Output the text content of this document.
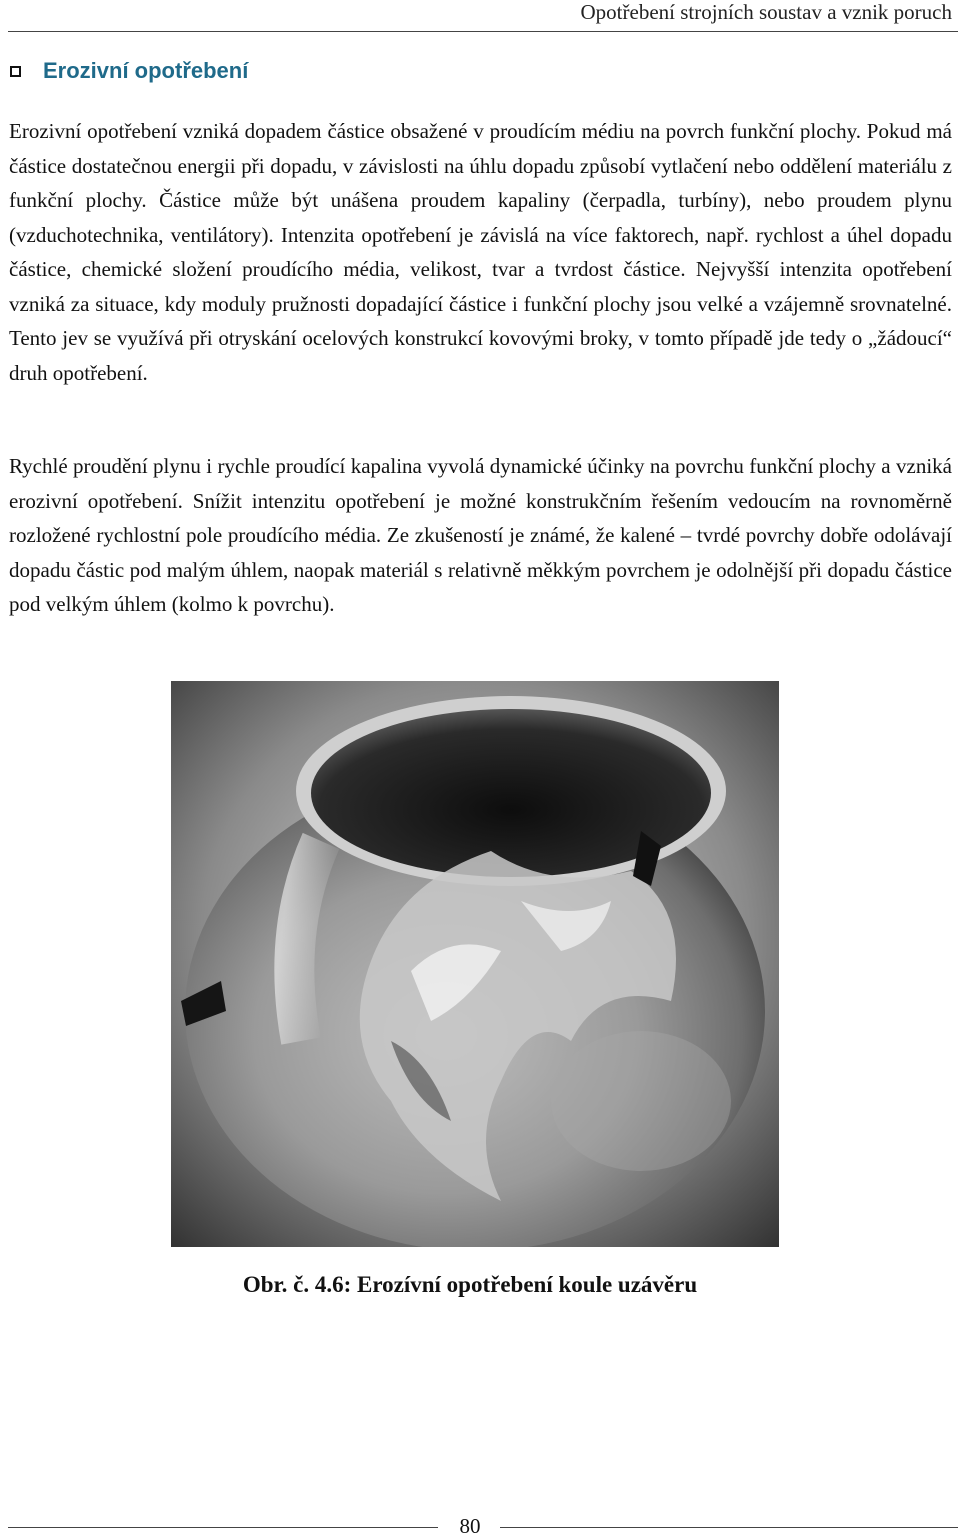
Opotřebení strojních soustav a vznik poruch
Erozivní opotřebení

Erozivní opotřebení vzniká dopadem částice obsažené v proudícím médiu na povrch funkční plochy. Pokud má částice dostatečnou energii při dopadu, v závislosti na úhlu dopadu způsobí vytlačení nebo oddělení materiálu z funkční plochy. Částice může být unášena proudem kapaliny (čerpadla, turbíny), nebo proudem plynu (vzduchotechnika, ventilátory). Intenzita opotřebení je závislá na více faktorech, např. rychlost a úhel dopadu částice, chemické složení proudícího média, velikost, tvar a tvrdost částice. Nejvyšší intenzita opotřebení vzniká za situace, kdy moduly pružnosti dopadající částice i funkční plochy jsou velké a vzájemně srovnatelné. Tento jev se využívá při otryskání ocelových konstrukcí kovovými broky, v tomto případě jde tedy o „žádoucí“ druh opotřebení.

Rychlé proudění plynu i rychle proudící kapalina vyvolá dynamické účinky na povrchu funkční plochy a vzniká erozivní opotřebení. Snížit intenzitu opotřebení je možné konstrukčním řešením vedoucím na rovnoměrně rozložené rychlostní pole proudícího média. Ze zkušeností je známé, že kalené – tvrdé povrchy dobře odolávají dopadu částic pod malým úhlem, naopak materiál s relativně měkkým povrchem je odolnější při dopadu částice pod velkým úhlem (kolmo k povrchu).

Obr. č. 4.6: Erozívní opotřebení koule uzávěru
80
